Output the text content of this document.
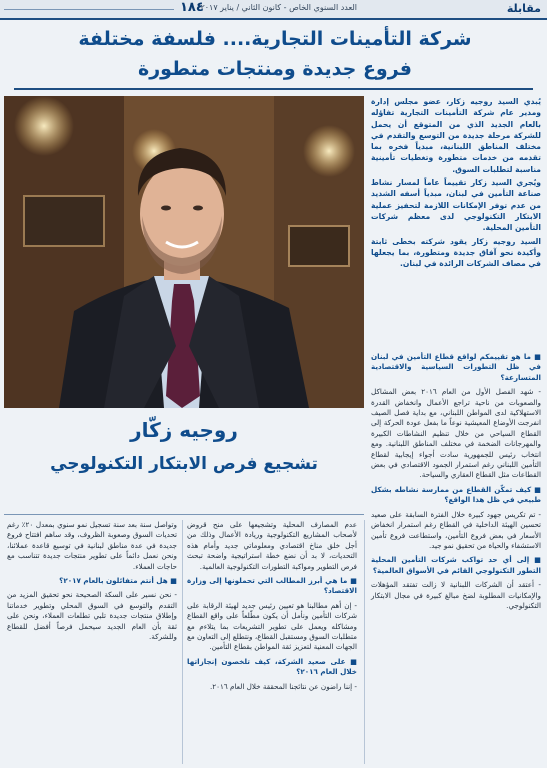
مقابلة
العدد السنوي الخاص - كانون الثاني / يناير ٢٠١٧
١٨٤
شركة التأمينات التجارية.... فلسفة مختلفة
فروع جديدة ومنتجات متطورة
روجيه زكّار
تشجيع فرص الابتكار التكنولوجي

يُبدي السيد روجيه زكار، عضو مجلس إدارة ومدير عام شركة التأمينات التجارية تفاؤله بالعام الجديد الذي من المتوقع أن يحمل للشركة مرحلة جديدة من التوسع والتقدم في مختلف المناطق اللبنانية، مبدياً فخره بما تقدمه من خدمات متطورة وتغطيات تأمينية مناسبة لتطلبات السوق.

ويُجري السيد زكار تقييماً عاماً لمسار نشاط صناعة التأمين في لبنان، مبدياً أسفه الشديد من عدم توفر الإمكانات اللازمة لتحفيز عملية الابتكار التكنولوجي لدى معظم شركات التأمين المحلية.

السيد روجيه زكار يقود شركته بخطى ثابتة وأكيدة نحو آفاق جديدة ومتطورة، بما يجعلها في مصاف الشركات الرائدة في لبنان.

■ ما هو تقييمكم لواقع قطاع التأمين في لبنان في ظل التطورات السياسية والاقتصادية المتسارعة؟

- شهد الفصل الأول من العام ٢٠١٦ بعض المشاكل والصعوبات من ناحية تراجع الأعمال وانخفاض القدرة الاستهلاكية لدى المواطن اللبناني، مع بداية فصل الصيف انفرجت الأوضاع المعيشية نوعاً ما بفعل عودة الحركة إلى القطاع السياحي من خلال تنظيم النشاطات الكبيرة والمهرجانات الضخمة في مختلف المناطق اللبنانية. ومع انتخاب رئيس للجمهورية سادت أجواء إيجابية لقطاع التأمين اللبناني رغم استمرار الجمود الاقتصادي في بعض القطاعات مثل القطاع العقاري والسياحة.

■ كيف تمكّن القطاع من ممارسة نشاطه بشكل طبيعي في ظل هذا الواقع؟

- تم تكريس جهود كبيرة خلال الفترة السابقة على صعيد تحسين الهيئة الداخلية في القطاع رغم استمرار انخفاض الأسعار في بعض فروع التأمين، واستطاعت فروع تأمين الاستشفاء والحياة من تحقيق نمو جيد.

■ إلى أي حد تواكب شركات التأمين المحلية التطور التكنولوجي القائم في الأسواق العالمية؟

- أعتقد أن الشركات اللبنانية لا زالت تفتقد المؤهلات والإمكانيات المطلوبة لضخ مبالغ كبيرة في مجال الابتكار التكنولوجي.

عدم المصارف المحلية وتشجيعها على منح قروض لأصحاب المشاريع التكنولوجية وريادة الأعمال وذلك من أجل خلق مناخ اقتصادي ومعلوماتي جديد وأمام هذه التحديات، لا بد أن نضع خطة استراتيجية واضحة تبحث فرص التطوير ومواكبة التطورات التكنولوجية العالمية.

■ ما هي أبرز المطالب التي تحملونها إلى وزارة الاقتصاد؟

- إن أهم مطالبنا هو تعيين رئيس جديد لهيئة الرقابة على شركات التأمين ونأمل أن يكون مطّلعاً على واقع القطاع ومشاكله ويعمل على تطوير التشريعات بما يتلاءم مع متطلبات السوق ومستقبل القطاع، ونتطلع إلى التعاون مع الجهات المعنية لتعزيز ثقة المواطن بقطاع التأمين.

■ على صعيد الشركة، كيف تلخصون إنجازاتها خلال العام ٢٠١٦؟

- إننا راضون عن نتائجنا المحققة خلال العام ٢٠١٦.

وتواصل سنة بعد سنة تسجيل نمو سنوي بمعدل ٢٠٪ رغم تحديات السوق وصعوبة الظروف، وقد ساهم افتتاح فروع جديدة في عدة مناطق لبنانية في توسيع قاعدة عملائنا، ونحن نعمل دائماً على تطوير منتجات جديدة تتناسب مع حاجات العملاء.

■ هل أنتم متفائلون بالعام ٢٠١٧؟

- نحن نسير على السكة الصحيحة نحو تحقيق المزيد من التقدم والتوسع في السوق المحلي وتطوير خدماتنا وإطلاق منتجات جديدة تلبي تطلعات العملاء، ونحن على ثقة بأن العام الجديد سيحمل فرصاً أفضل للقطاع وللشركة.
